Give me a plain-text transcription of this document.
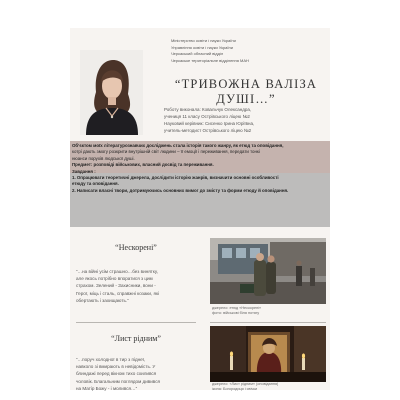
Міністерство освіти і науки України
Управління освіти і науки України
Черкаський обласний відділ
Черкаське територіальне відділення МАН
“ТРИВОЖНА ВАЛІЗА
ДУШІ…”
Роботу виконала: Ковальчук Олександра,
учениця 11 класу Острівського ліцею №2
Науковий керівник: Сисенко Ірина Юріївна,
учитель-методист Острівського ліцею №2
Об’єктом моїх літературознавчих досліджень стала історія такого жанру, як етюд та оповідання,
котрі дають змогу розкрити внутрішній світ людини – її емоції і переживання, передати тонкі
нюанси порухів людської душі.
Предмет: розповіді військових, власний досвід та переживання.
Завдання :
1. Опрацювати теоретичні джерела, дослідити історію жанрів, визначити основні особливості
етюду та оповідання.
2. Написати власні твори, дотримуючись основних вимог до змісту та форми етюду й оповідання.
“Нескорені”
“…на війні усім страшно…без винятку,
але якось потрібно впоратися з цим
страхом. Зелений - Захисники, вони -
Герої, міць і сталь, справжні козаки, які
обертають і захищають.”
джерело: етюд «Нескорені»
фото: військові біля потягу
“Лист рідним”
“…поруч холодної в тир з піднеї,
навколо зі вмирають в невідомість. У
блиндажі перед вікном тихо схилився
чоловік. Благальним поглядом дивився
на Матір Божу - і молився…”
джерело: «Лист рідним» (оповідання)
ікона: Богородиця і свічки
